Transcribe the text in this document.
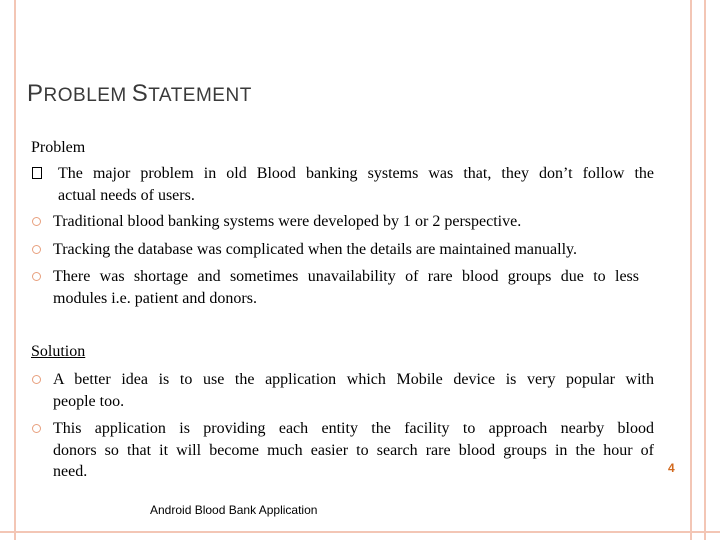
PROBLEM STATEMENT
Problem
The major problem in old Blood banking systems was that, they don’t follow the
actual needs of users.
Traditional blood banking systems were developed by 1 or 2 perspective.
Tracking the database was complicated when the details are maintained manually.
There was shortage and sometimes unavailability of rare blood groups due to less
modules i.e. patient and donors.
Solution
A better idea is to use the application which Mobile device is very popular with
people too.
This application is providing each entity the facility to approach nearby blood
donors so that it will become much easier to search rare blood groups in the hour of
need.	4
Android Blood Bank Application
